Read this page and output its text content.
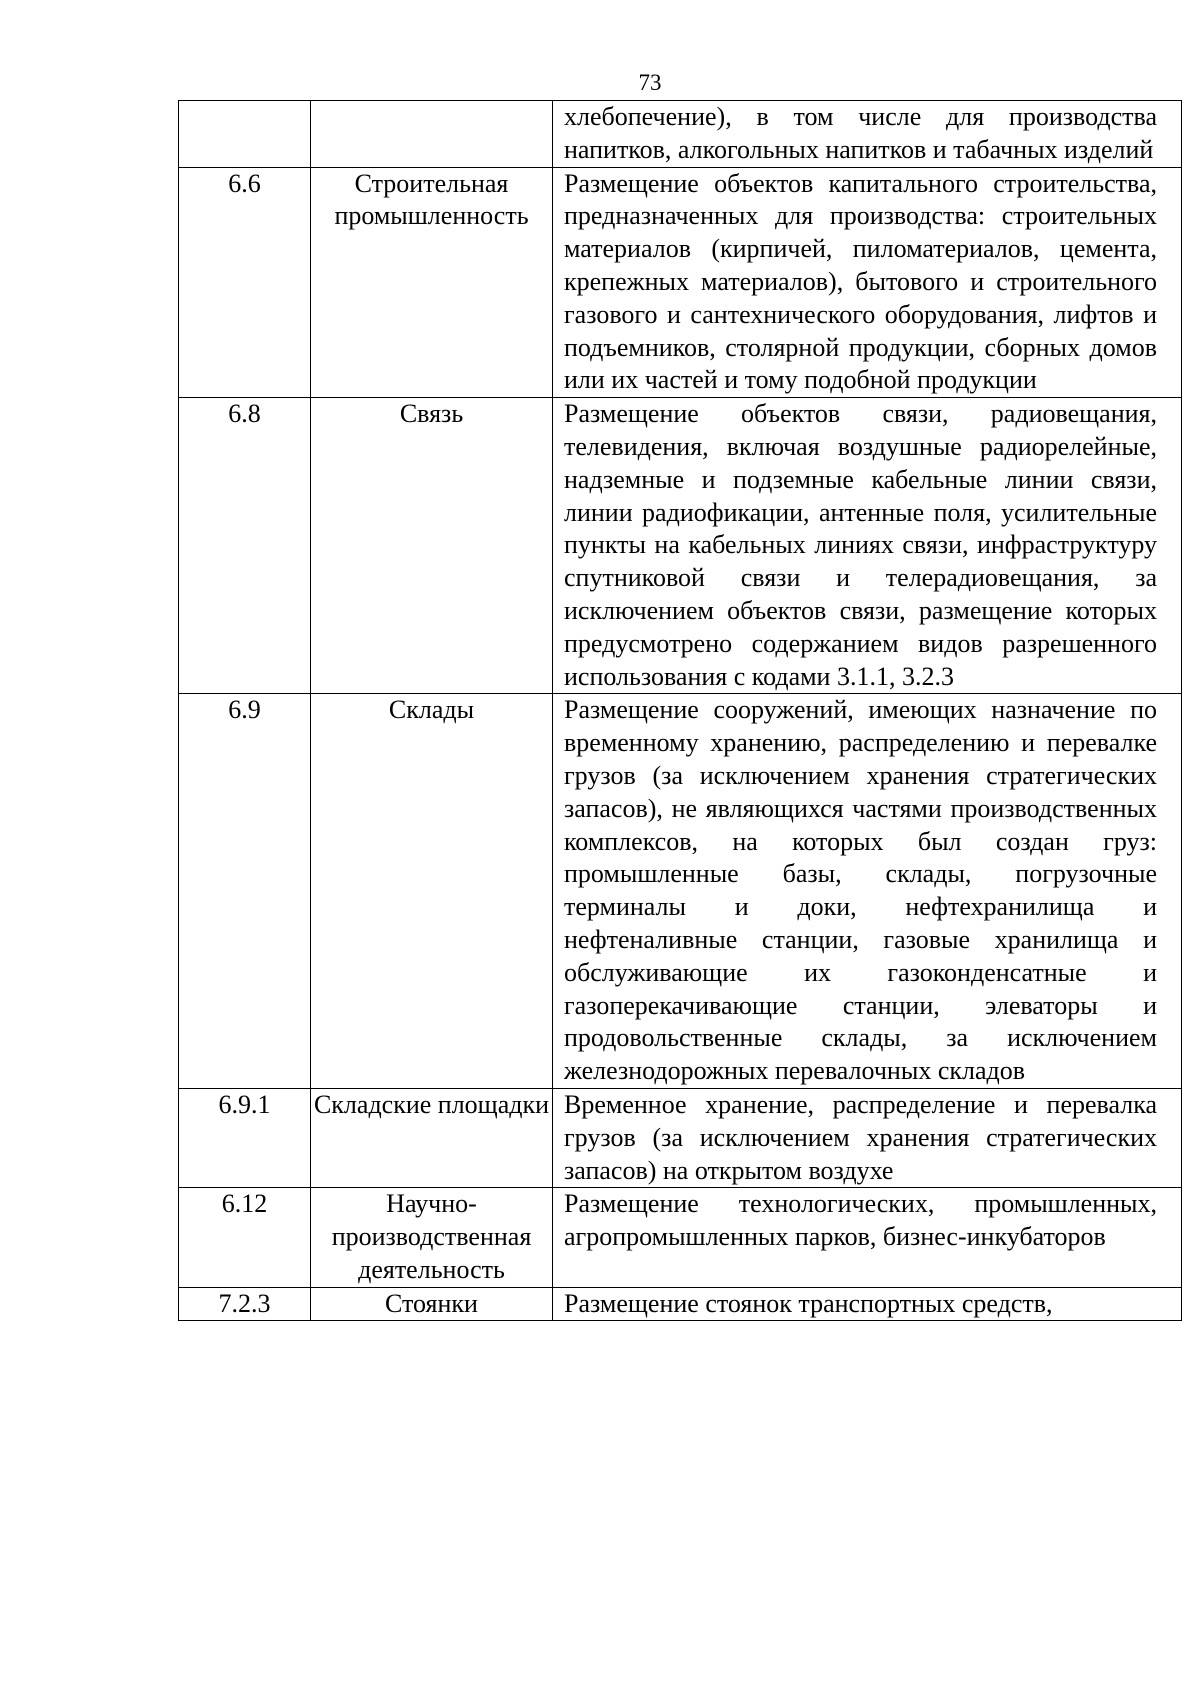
73
		хлебопечение), в том числе для производства напитков, алкогольных напитков и табачных изделий
6.6	Строительная промышленность	Размещение объектов капитального строительства, предназначенных для производства: строительных материалов (кирпичей, пиломатериалов, цемента, крепежных материалов), бытового и строительного газового и сантехнического оборудования, лифтов и подъемников, столярной продукции, сборных домов или их частей и тому подобной продукции
6.8	Связь	Размещение объектов связи, радиовещания, телевидения, включая воздушные радиорелейные, надземные и подземные кабельные линии связи, линии радиофикации, антенные поля, усилительные пункты на кабельных линиях связи, инфраструктуру спутниковой связи и телерадиовещания, за исключением объектов связи, размещение которых предусмотрено содержанием видов разрешенного использования с кодами 3.1.1, 3.2.3
6.9	Склады	Размещение сооружений, имеющих назначение по временному хранению, распределению и перевалке грузов (за исключением хранения стратегических запасов), не являющихся частями производственных комплексов, на которых был создан груз: промышленные базы, склады, погрузочные терминалы и доки, нефтехранилища и нефтеналивные станции, газовые хранилища и обслуживающие их газоконденсатные и газоперекачивающие станции, элеваторы и продовольственные склады, за исключением железнодорожных перевалочных складов
6.9.1	Складские площадки	Временное хранение, распределение и перевалка грузов (за исключением хранения стратегических запасов) на открытом воздухе
6.12	Научно-производственная деятельность	Размещение технологических, промышленных, агропромышленных парков, бизнес-инкубаторов
7.2.3	Стоянки	Размещение стоянок транспортных средств,
